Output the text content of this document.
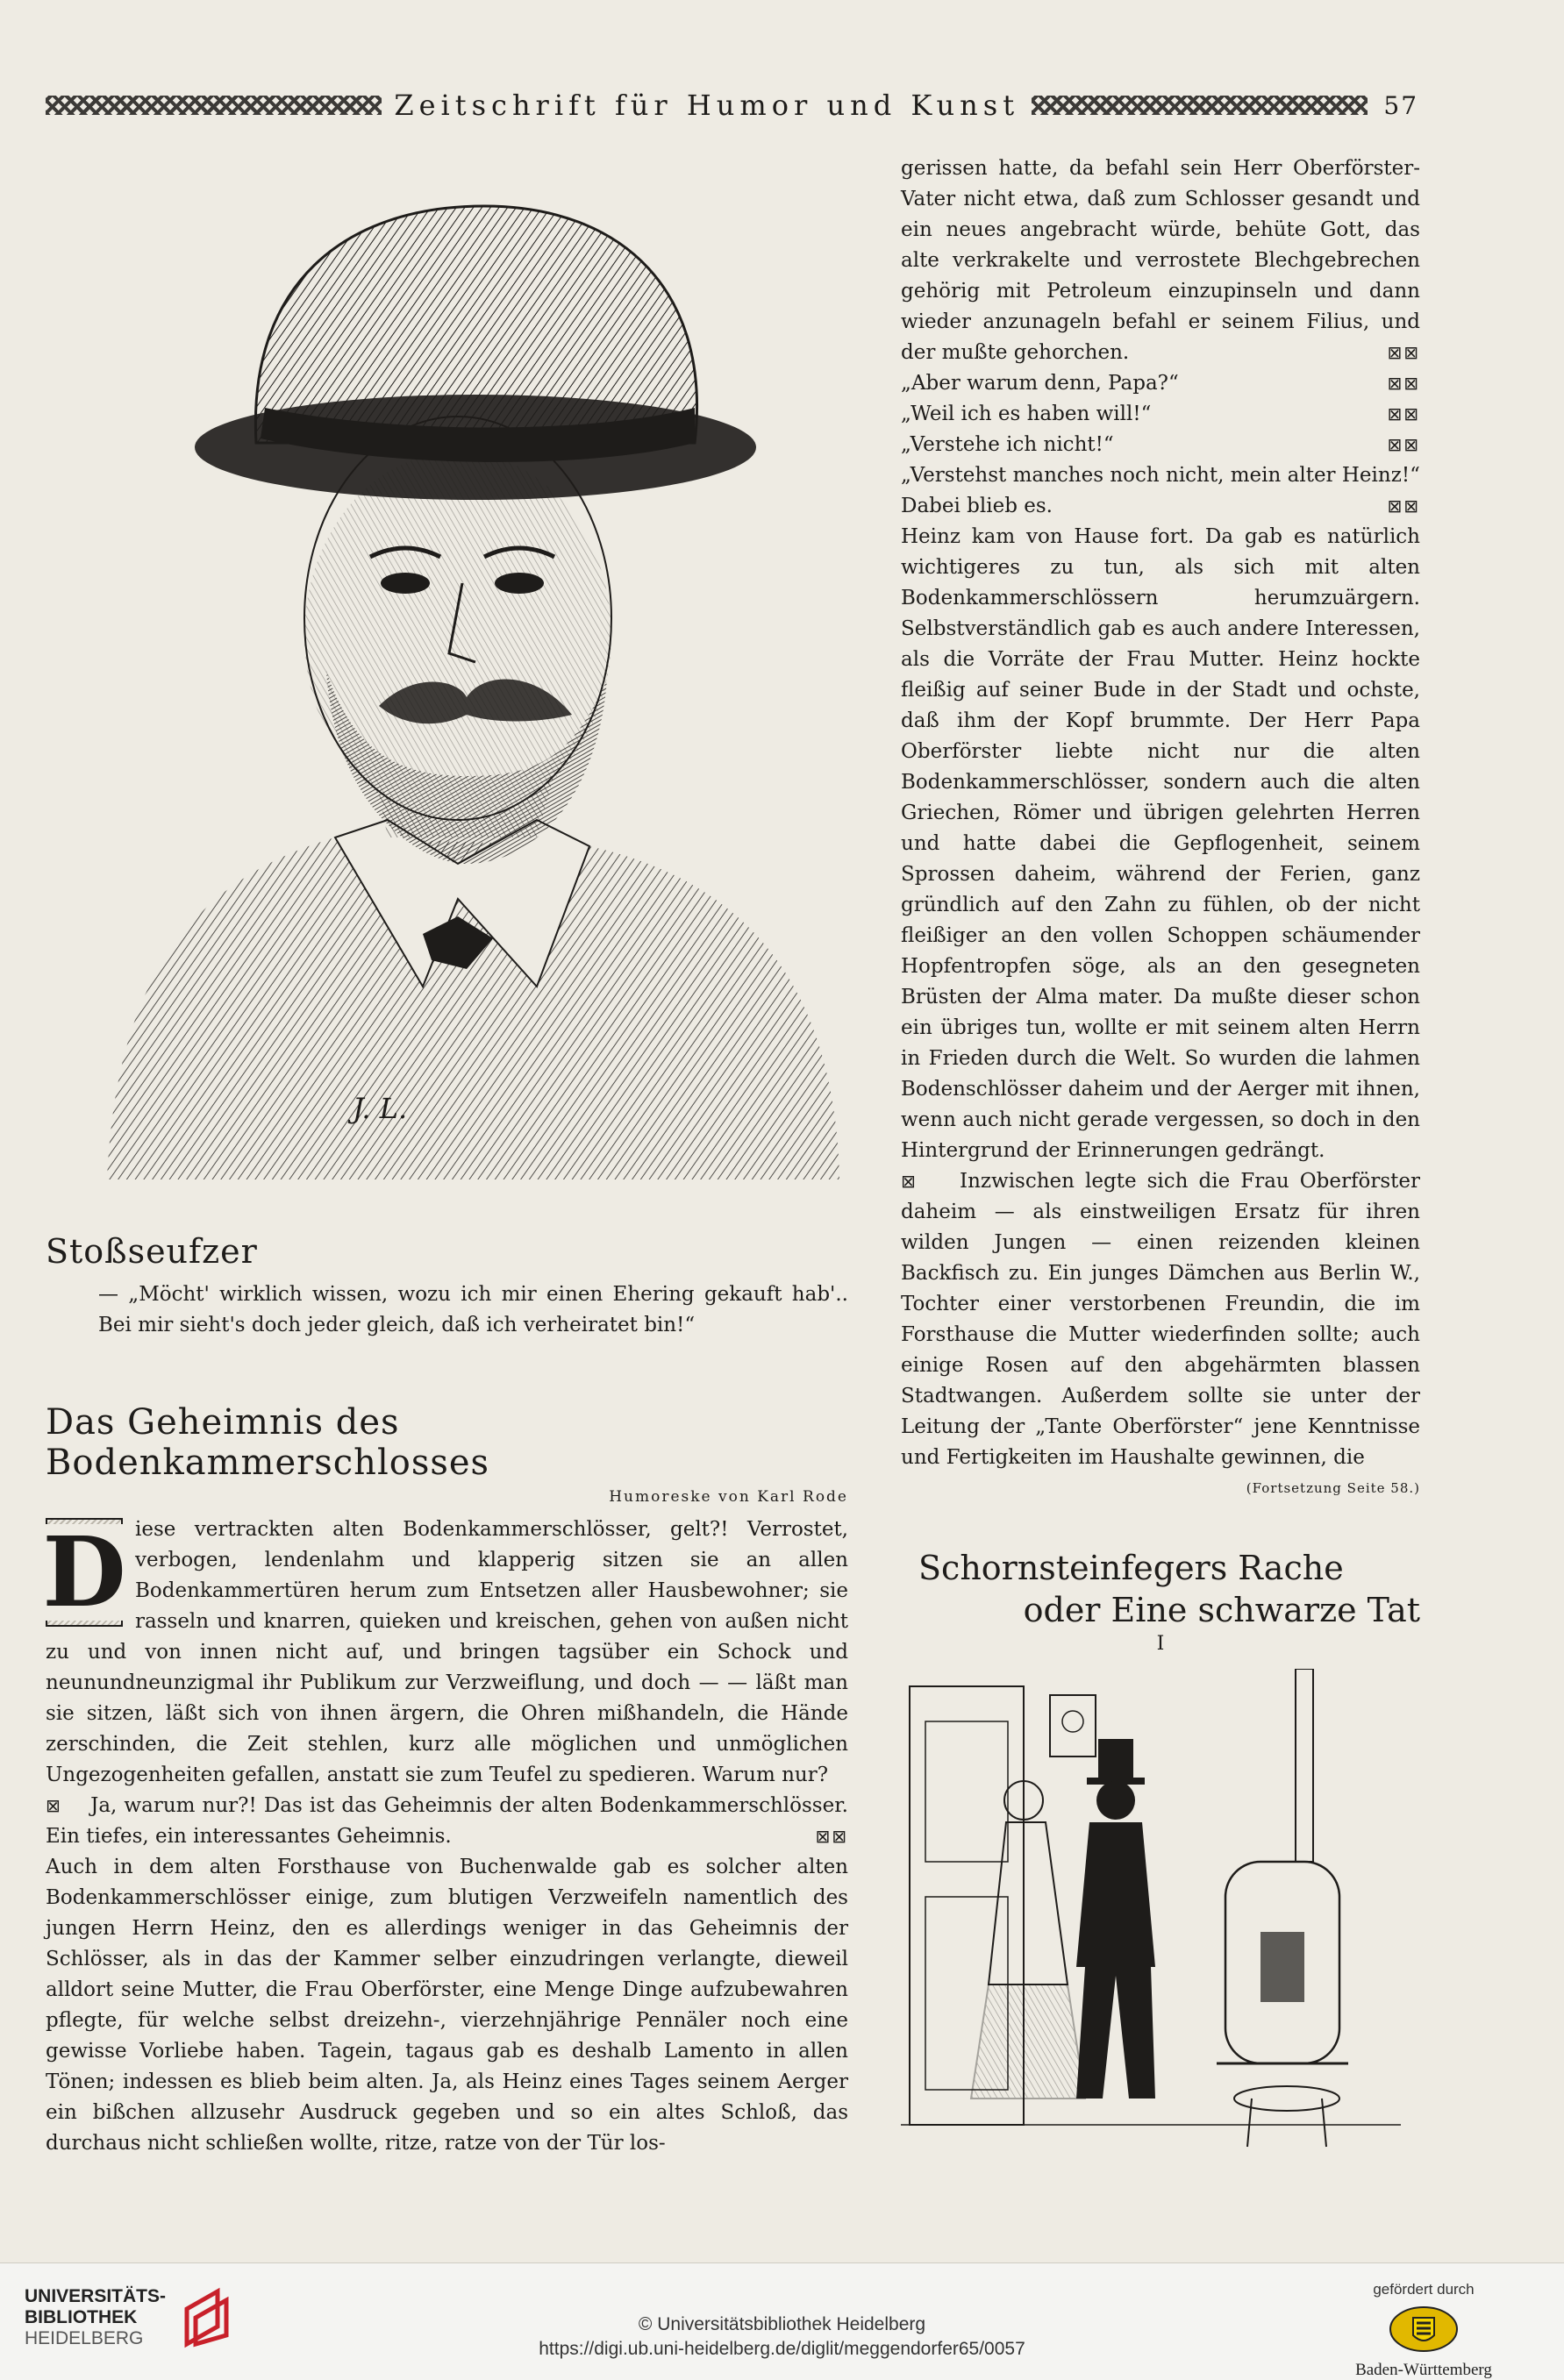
Zeitschrift für Humor und Kunst	57
J. L.
Stoßseufzer

— „Möcht' wirklich wissen, wozu ich mir einen Ehering gekauft hab'.. Bei mir sieht's doch jeder gleich, daß ich verheiratet bin!“

Das Geheimnis des Bodenkammerschlosses
Humoreske von Karl Rode
D iese vertrackten alten Bodenkammerschlösser, gelt?! Verrostet, verbogen, lendenlahm und klapperig sitzen sie an allen Bodenkammertüren herum zum Entsetzen aller Hausbewohner; sie rasseln und knarren, quieken und kreischen, gehen von außen nicht zu und von innen nicht auf, und bringen tagsüber ein Schock und neunundneunzigmal ihr Publikum zur Verzweiflung, und doch — — läßt man sie sitzen, läßt sich von ihnen ärgern, die Ohren mißhandeln, die Hände zerschinden, die Zeit stehlen, kurz alle möglichen und unmöglichen Ungezogenheiten gefallen, anstatt sie zum Teufel zu spedieren. Warum nur?

⊠ Ja, warum nur?! Das ist das Geheimnis der alten Bodenkammerschlösser. Ein tiefes, ein interessantes Geheimnis.	⊠⊠

Auch in dem alten Forsthause von Buchenwalde gab es solcher alten Bodenkammerschlösser einige, zum blutigen Verzweifeln namentlich des jungen Herrn Heinz, den es allerdings weniger in das Geheimnis der Schlösser, als in das der Kammer selber einzudringen verlangte, dieweil alldort seine Mutter, die Frau Oberförster, eine Menge Dinge aufzubewahren pflegte, für welche selbst dreizehn-, vierzehnjährige Pennäler noch eine gewisse Vorliebe haben. Tagein, tagaus gab es deshalb Lamento in allen Tönen; indessen es blieb beim alten. Ja, als Heinz eines Tages seinem Aerger ein bißchen allzusehr Ausdruck gegeben und so ein altes Schloß, das durchaus nicht schließen wollte, ritze, ratze von der Tür los-

gerissen hatte, da befahl sein Herr Oberförster-Vater nicht etwa, daß zum Schlosser gesandt und ein neues angebracht würde, behüte Gott, das alte verkrakelte und verrostete Blechgebrechen gehörig mit Petroleum einzupinseln und dann wieder anzunageln befahl er seinem Filius, und der mußte gehorchen.	⊠⊠

„Aber warum denn, Papa?“	⊠⊠

„Weil ich es haben will!“	⊠⊠

„Verstehe ich nicht!“	⊠⊠

„Verstehst manches noch nicht, mein alter Heinz!“

Dabei blieb es.	⊠⊠

Heinz kam von Hause fort. Da gab es natürlich wichtigeres zu tun, als sich mit alten Bodenkammerschlössern herumzuärgern. Selbstverständlich gab es auch andere Interessen, als die Vorräte der Frau Mutter. Heinz hockte fleißig auf seiner Bude in der Stadt und ochste, daß ihm der Kopf brummte. Der Herr Papa Oberförster liebte nicht nur die alten Bodenkammerschlösser, sondern auch die alten Griechen, Römer und übrigen gelehrten Herren und hatte dabei die Gepflogenheit, seinem Sprossen daheim, während der Ferien, ganz gründlich auf den Zahn zu fühlen, ob der nicht fleißiger an den vollen Schoppen schäumender Hopfentropfen söge, als an den gesegneten Brüsten der Alma mater. Da mußte dieser schon ein übriges tun, wollte er mit seinem alten Herrn in Frieden durch die Welt. So wurden die lahmen Bodenschlösser daheim und der Aerger mit ihnen, wenn auch nicht gerade vergessen, so doch in den Hintergrund der Erinnerungen gedrängt.

⊠ Inzwischen legte sich die Frau Oberförster daheim — als einstweiligen Ersatz für ihren wilden Jungen — einen reizenden kleinen Backfisch zu. Ein junges Dämchen aus Berlin W., Tochter einer verstorbenen Freundin, die im Forsthause die Mutter wiederfinden sollte; auch einige Rosen auf den abgehärmten blassen Stadtwangen. Außerdem sollte sie unter der Leitung der „Tante Oberförster“ jene Kenntnisse und Fertigkeiten im Haushalte gewinnen, die

(Fortsetzung Seite 58.)
Schornsteinfegers Rache
oder Eine schwarze Tat
I
UNIVERSITÄTS-
BIBLIOTHEK
HEIDELBERG
© Universitätsbibliothek Heidelberg
https://digi.ub.uni-heidelberg.de/diglit/meggendorfer65/0057
gefördert durch
Baden-Württemberg
